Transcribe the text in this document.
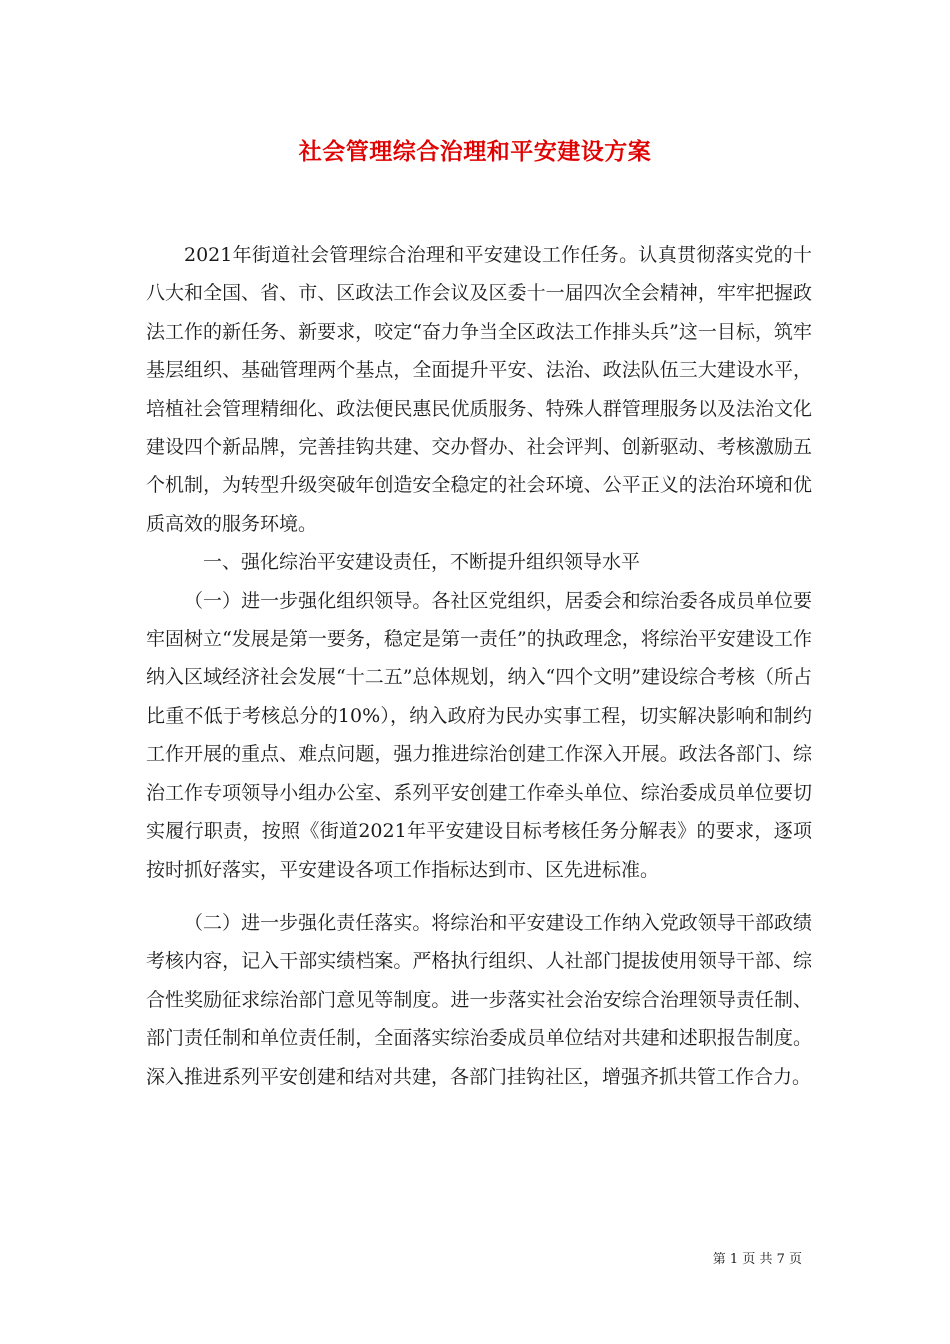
社会管理综合治理和平安建设方案

2021年街道社会管理综合治理和平安建设工作任务。认真贯彻落实党的十八大和全国、省、市、区政法工作会议及区委十一届四次全会精神，牢牢把握政法工作的新任务、新要求，咬定“奋力争当全区政法工作排头兵”这一目标，筑牢基层组织、基础管理两个基点，全面提升平安、法治、政法队伍三大建设水平，培植社会管理精细化、政法便民惠民优质服务、特殊人群管理服务以及法治文化建设四个新品牌，完善挂钩共建、交办督办、社会评判、创新驱动、考核激励五个机制，为转型升级突破年创造安全稳定的社会环境、公平正义的法治环境和优质高效的服务环境。

一、强化综治平安建设责任，不断提升组织领导水平

（一）进一步强化组织领导。各社区党组织，居委会和综治委各成员单位要牢固树立“发展是第一要务，稳定是第一责任”的执政理念，将综治平安建设工作纳入区域经济社会发展“十二五”总体规划，纳入“四个文明”建设综合考核（所占比重不低于考核总分的10%），纳入政府为民办实事工程，切实解决影响和制约工作开展的重点、难点问题，强力推进综治创建工作深入开展。政法各部门、综治工作专项领导小组办公室、系列平安创建工作牵头单位、综治委成员单位要切实履行职责，按照《街道2021年平安建设目标考核任务分解表》的要求，逐项按时抓好落实，平安建设各项工作指标达到市、区先进标准。

（二）进一步强化责任落实。将综治和平安建设工作纳入党政领导干部政绩考核内容，记入干部实绩档案。严格执行组织、人社部门提拔使用领导干部、综合性奖励征求综治部门意见等制度。进一步落实社会治安综合治理领导责任制、部门责任制和单位责任制，全面落实综治委成员单位结对共建和述职报告制度。深入推进系列平安创建和结对共建，各部门挂钩社区，增强齐抓共管工作合力。

第 1 页 共 7 页
